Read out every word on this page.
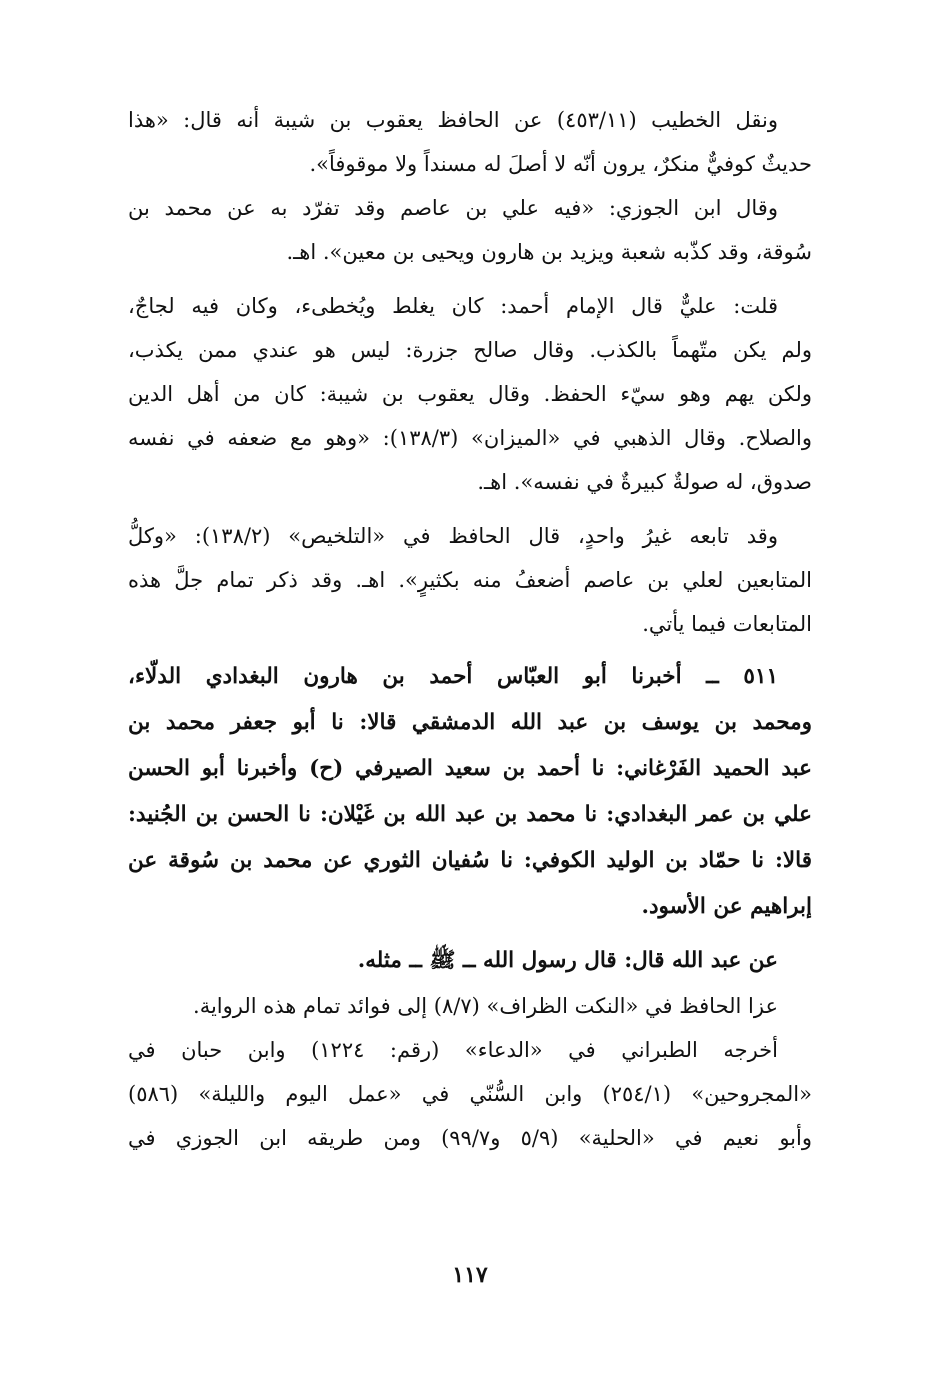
ونقل الخطيب (٤٥٣/١١) عن الحافظ يعقوب بن شيبة أنه قال: «هذا
حديثٌ كوفيٌّ منكرٌ، يرون أنّه لا أصلَ له مسنداً ولا موقوفاً».
وقال ابن الجوزي: «فيه علي بن عاصم وقد تفرّد به عن محمد بن
سُوقة، وقد كذّبه شعبة ويزيد بن هارون ويحيى بن معين». اهـ.
قلت: عليٌّ قال الإمام أحمد: كان يغلط ويُخطىء، وكان فيه لجاجٌ،
ولم يكن متّهماً بالكذب. وقال صالح جزرة: ليس هو عندي ممن يكذب،
ولكن يهم وهو سيّء الحفظ. وقال يعقوب بن شيبة: كان من أهل الدين
والصلاح. وقال الذهبي في «الميزان» (١٣٨/٣): «وهو مع ضعفه في نفسه
صدوق، له صولةٌ كبيرةٌ في نفسه». اهـ.
وقد تابعه غيرُ واحدٍ، قال الحافظ في «التلخيص» (١٣٨/٢): «وكلُّ
المتابعين لعلي بن عاصم أضعفُ منه بكثيرٍ». اهـ. وقد ذكر تمام جلَّ هذه
المتابعات فيما يأتي.
٥١١ ــ أخبرنا أبو العبّاس أحمد بن هارون البغدادي الدلّاء،
ومحمد بن يوسف بن عبد الله الدمشقي قالا: نا أبو جعفر محمد بن
عبد الحميد الفَرْغاني: نا أحمد بن سعيد الصيرفي (ح) وأخبرنا أبو الحسن
علي بن عمر البغدادي: نا محمد بن عبد الله بن غَيْلان: نا الحسن بن الجُنيد:
قالا: نا حمّاد بن الوليد الكوفي: نا سُفيان الثوري عن محمد بن سُوقة عن
إبراهيم عن الأسود.
عن عبد الله قال: قال رسول الله ــ ﷺ ــ مثله.
عزا الحافظ في «النكت الظراف» (٨/٧) إلى فوائد تمام هذه الرواية.
أخرجه الطبراني في «الدعاء» (رقم: ١٢٢٤) وابن حبان في
«المجروحين» (٢٥٤/١) وابن السُّنّي في «عمل اليوم والليلة» (٥٨٦)
وأبو نعيم في «الحلية» (٥/٩ و٩٩/٧) ومن طريقه ابن الجوزي في
١١٧
